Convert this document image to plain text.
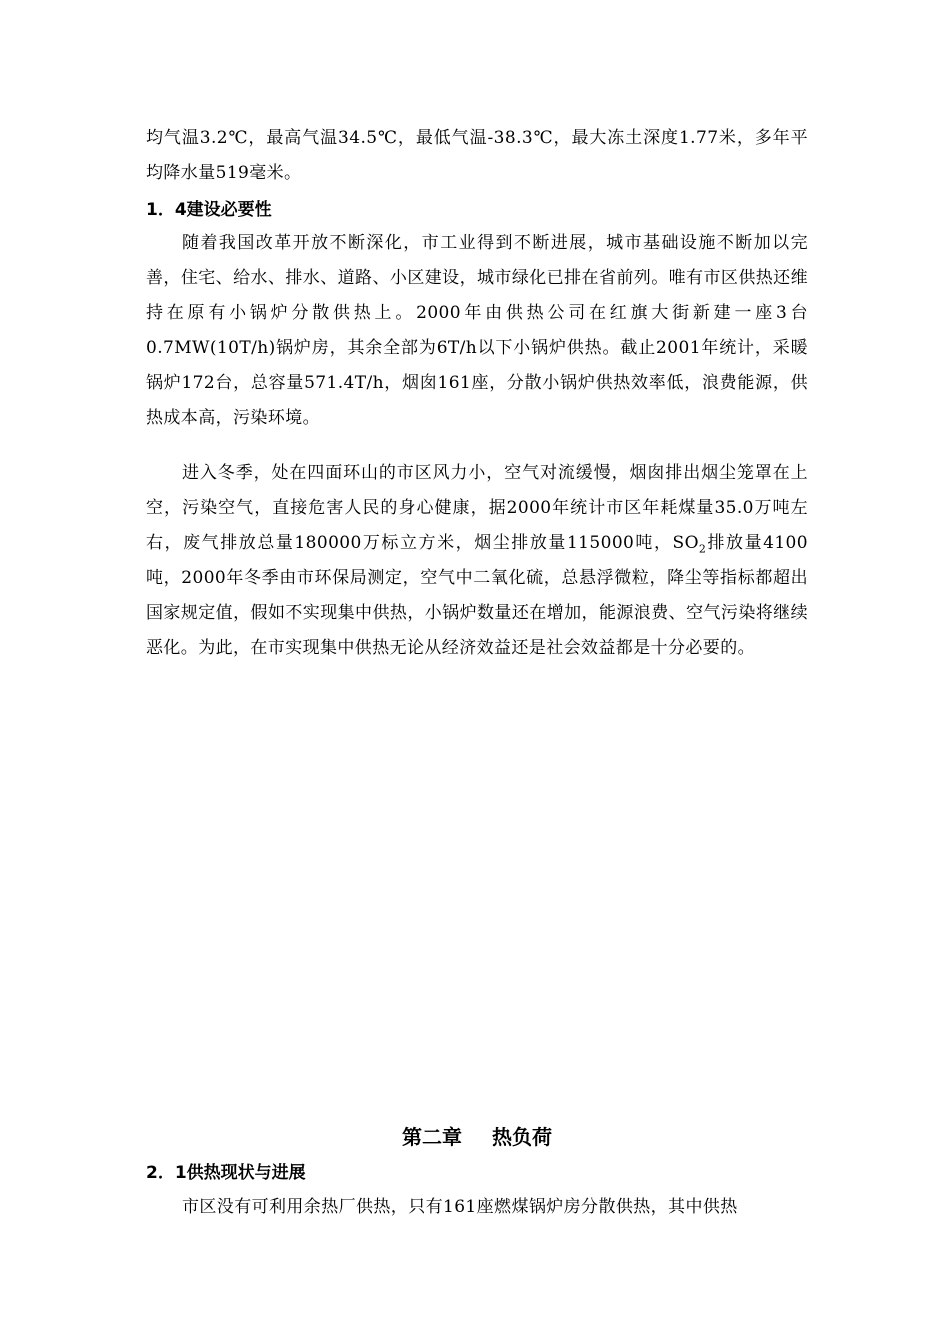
均气温3.2℃，最高气温34.5℃，最低气温-38.3℃，最大冻土深度1.77米，多年平均降水量519毫米。

1．4建设必要性

随着我国改革开放不断深化，市工业得到不断进展，城市基础设施不断加以完善，住宅、给水、排水、道路、小区建设，城市绿化已排在省前列。唯有市区供热还维持在原有小锅炉分散供热上。2000年由供热公司在红旗大街新建一座3台0.7MW(10T/h)锅炉房，其余全部为6T/h以下小锅炉供热。截止2001年统计，采暖锅炉172台，总容量571.4T/h，烟囱161座，分散小锅炉供热效率低，浪费能源，供热成本高，污染环境。

进入冬季，处在四面环山的市区风力小，空气对流缓慢，烟囱排出烟尘笼罩在上空，污染空气，直接危害人民的身心健康，据2000年统计市区年耗煤量35.0万吨左右，废气排放总量180000万标立方米，烟尘排放量115000吨，$SO_2$排放量4100吨，2000年冬季由市环保局测定，空气中二氧化硫，总悬浮微粒，降尘等指标都超出国家规定值，假如不实现集中供热，小锅炉数量还在增加，能源浪费、空气污染将继续恶化。为此，在市实现集中供热无论从经济效益还是社会效益都是十分必要的。

第二章 热负荷
2．1供热现状与进展

市区没有可利用余热厂供热，只有161座燃煤锅炉房分散供热，其中供热
